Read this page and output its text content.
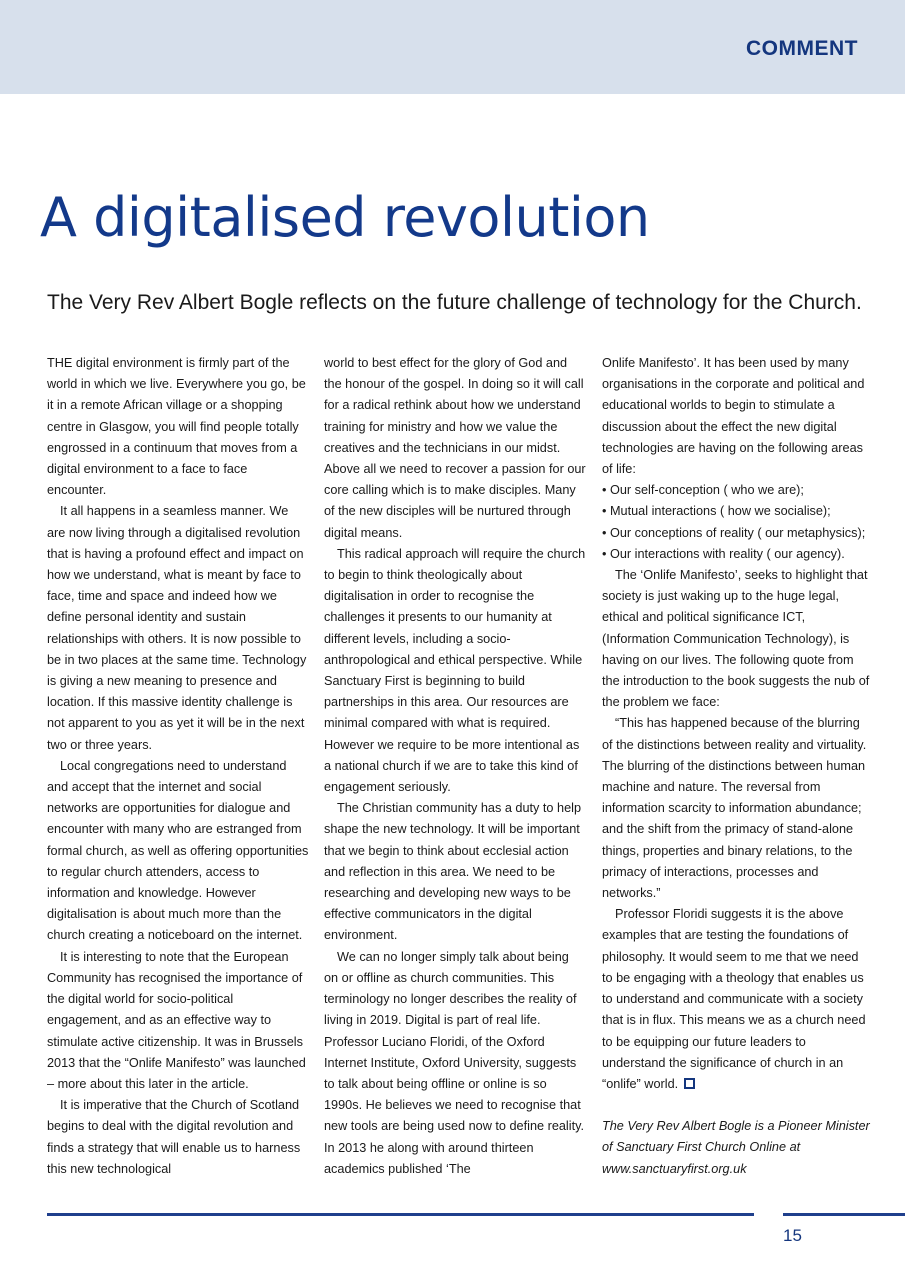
COMMENT
A digitalised revolution

The Very Rev Albert Bogle reflects on the future challenge of technology for the Church.

THE digital environment is firmly part of the world in which we live. Everywhere you go, be it in a remote African village or a shopping centre in Glasgow, you will find people totally engrossed in a continuum that moves from a digital environment to a face to face encounter.

It all happens in a seamless manner. We are now living through a digitalised revolution that is having a profound effect and impact on how we understand, what is meant by face to face, time and space and indeed how we define personal identity and sustain relationships with others. It is now possible to be in two places at the same time. Technology is giving a new meaning to presence and location. If this massive identity challenge is not apparent to you as yet it will be in the next two or three years.

Local congregations need to understand and accept that the internet and social networks are opportunities for dialogue and encounter with many who are estranged from formal church, as well as offering opportunities to regular church attenders, access to information and knowledge. However digitalisation is about much more than the church creating a noticeboard on the internet.

It is interesting to note that the European Community has recognised the importance of the digital world for socio-political engagement, and as an effective way to stimulate active citizenship. It was in Brussels 2013 that the “Onlife Manifesto” was launched – more about this later in the article.

It is imperative that the Church of Scotland begins to deal with the digital revolution and finds a strategy that will enable us to harness this new technological

world to best effect for the glory of God and the honour of the gospel. In doing so it will call for a radical rethink about how we understand training for ministry and how we value the creatives and the technicians in our midst. Above all we need to recover a passion for our core calling which is to make disciples. Many of the new disciples will be nurtured through digital means.

This radical approach will require the church to begin to think theologically about digitalisation in order to recognise the challenges it presents to our humanity at different levels, including a socio-anthropological and ethical perspective. While Sanctuary First is beginning to build partnerships in this area. Our resources are minimal compared with what is required. However we require to be more intentional as a national church if we are to take this kind of engagement seriously.

The Christian community has a duty to help shape the new technology. It will be important that we begin to think about ecclesial action and reflection in this area. We need to be researching and developing new ways to be effective communicators in the digital environment.

We can no longer simply talk about being on or offline as church communities. This terminology no longer describes the reality of living in 2019. Digital is part of real life. Professor Luciano Floridi, of the Oxford Internet Institute, Oxford University, suggests to talk about being offline or online is so 1990s. He believes we need to recognise that new tools are being used now to define reality. In 2013 he along with around thirteen academics published ‘The

Onlife Manifesto’. It has been used by many organisations in the corporate and political and educational worlds to begin to stimulate a discussion about the effect the new digital technologies are having on the following areas of life:

• Our self-conception ( who we are);

• Mutual interactions ( how we socialise);

• Our conceptions of reality ( our metaphysics);

• Our interactions with reality ( our agency).

The ‘Onlife Manifesto’, seeks to highlight that society is just waking up to the huge legal, ethical and political significance ICT, (Information Communication Technology), is having on our lives. The following quote from the introduction to the book suggests the nub of the problem we face:

“This has happened because of the blurring of the distinctions between reality and virtuality. The blurring of the distinctions between human machine and nature. The reversal from information scarcity to information abundance; and the shift from the primacy of stand-alone things, properties and binary relations, to the primacy of interactions, processes and networks.”

Professor Floridi suggests it is the above examples that are testing the foundations of philosophy. It would seem to me that we need to be engaging with a theology that enables us to understand and communicate with a society that is in flux. This means we as a church need to be equipping our future leaders to understand the significance of church in an “onlife” world.

The Very Rev Albert Bogle is a Pioneer Minister of Sanctuary First Church Online at www.sanctuaryfirst.org.uk

15
